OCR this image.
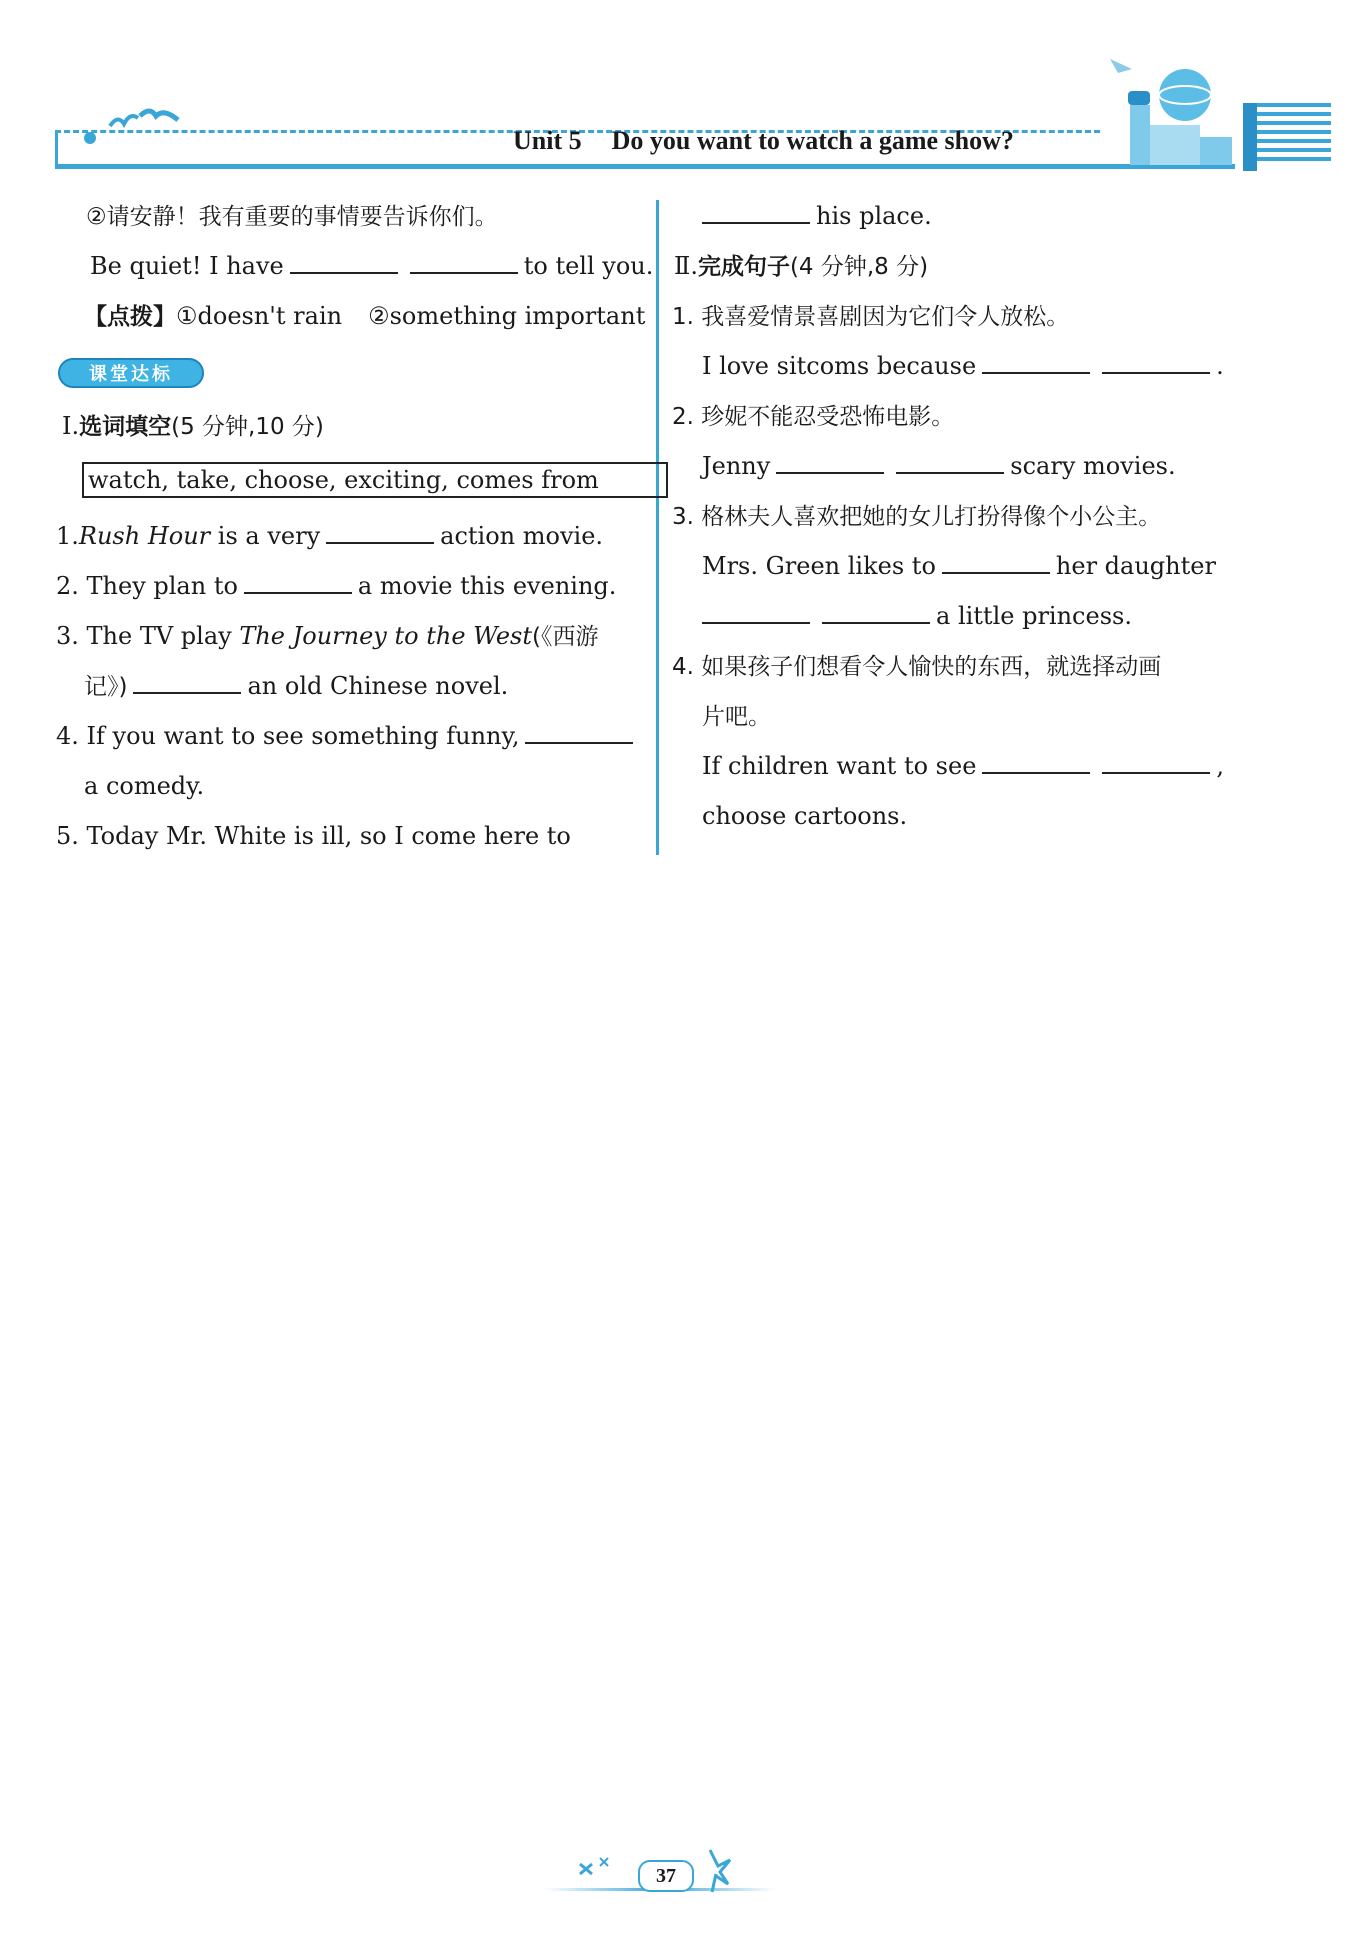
Unit 5 Do you want to watch a game show?
②请安静！我有重要的事情要告诉你们。
Be quiet! I have	to tell you.
【点拨】①doesn't rain ②something important
课堂达标
Ⅰ.选词填空(5 分钟,10 分)
watch, take, choose, exciting, comes from
1.Rush Hour is a very	action movie.
2. They plan to	a movie this evening.
3. The TV play The Journey to the West(《西游
记》)	an old Chinese novel.
4. If you want to see something funny,
a comedy.
5. Today Mr. White is ill, so I come here to
his place.
Ⅱ.完成句子(4 分钟,8 分)
1. 我喜爱情景喜剧因为它们令人放松。
I love sitcoms because	.
2. 珍妮不能忍受恐怖电影。
Jenny	scary movies.
3. 格林夫人喜欢把她的女儿打扮得像个小公主。
Mrs. Green likes to	her daughter
a little princess.
4. 如果孩子们想看令人愉快的东西，就选择动画
片吧。
If children want to see	,
choose cartoons.
37
